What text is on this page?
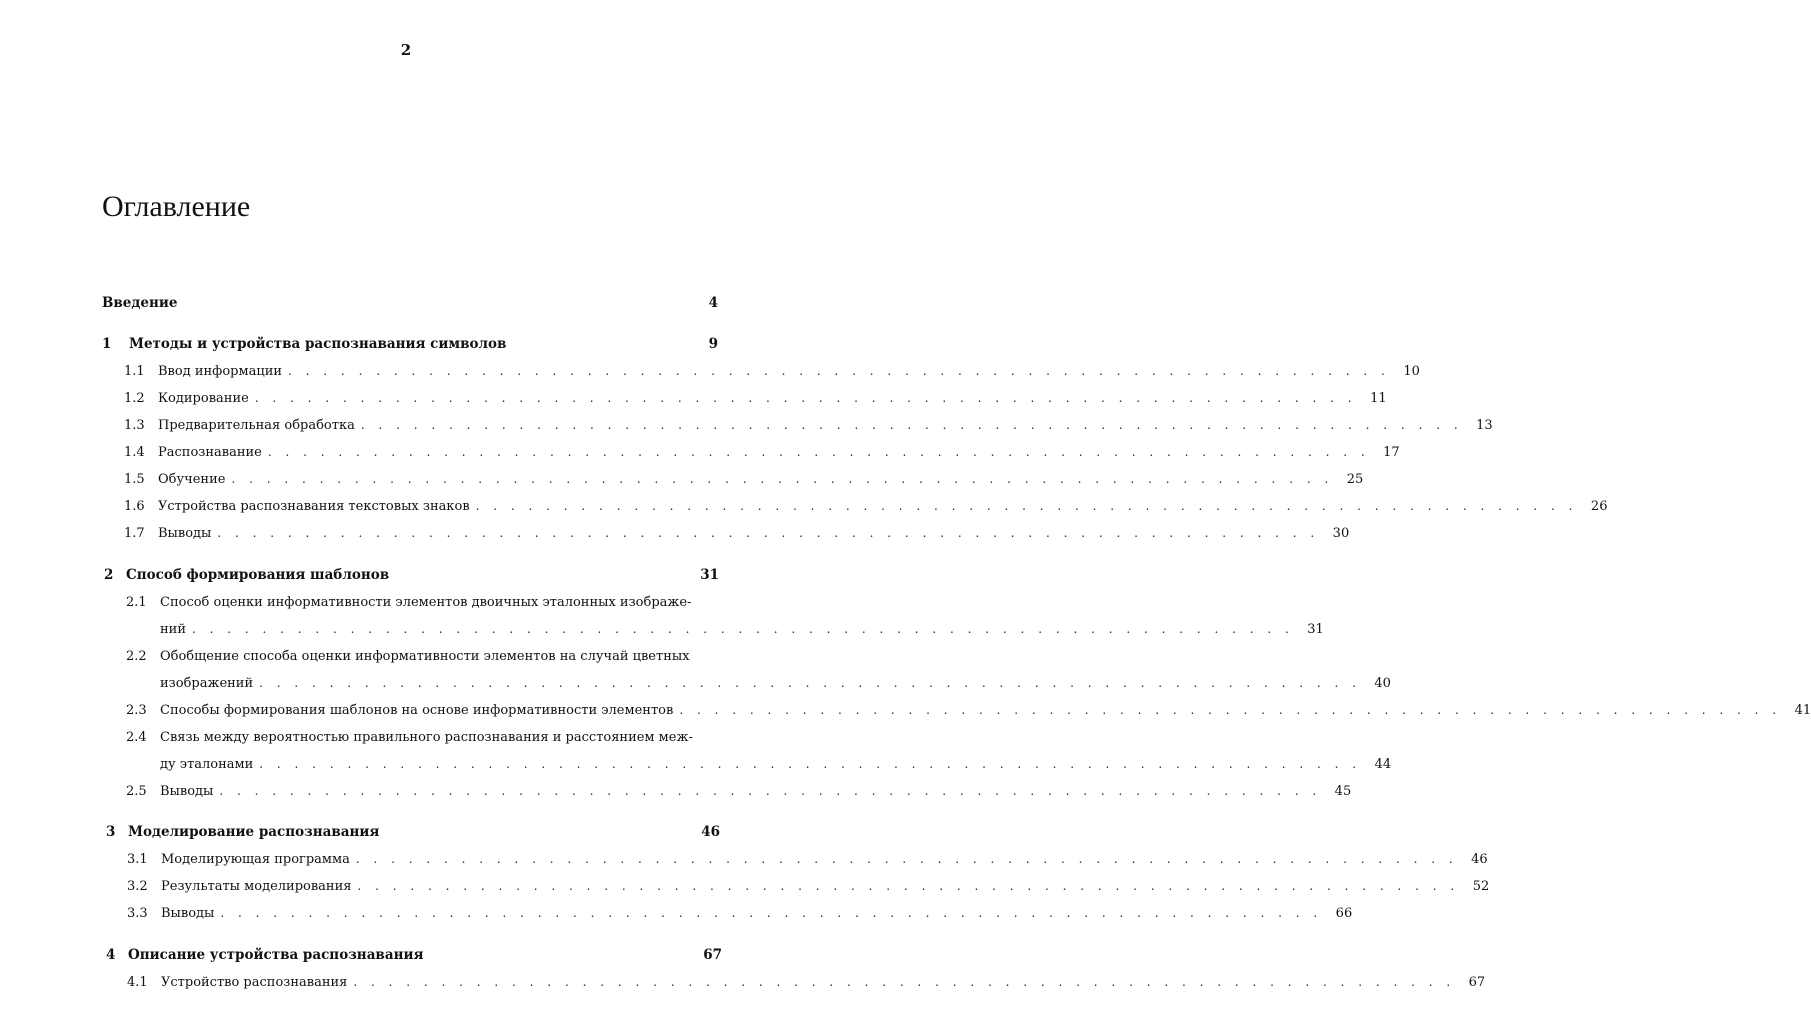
2
Оглавление
Введение	4
1	Методы и устройства распознавания символов	9
1.1	Ввод информации . . . . . . . . . . . . . . . . . . . . . . . . . . . . . . . . . . . . . . . . . . . . . . . . . . . . . . . . . . . . . . .	10
1.2	Кодирование . . . . . . . . . . . . . . . . . . . . . . . . . . . . . . . . . . . . . . . . . . . . . . . . . . . . . . . . . . . . . . .	11
1.3	Предварительная обработка . . . . . . . . . . . . . . . . . . . . . . . . . . . . . . . . . . . . . . . . . . . . . . . . . . . . . . . . . . . . . . .	13
1.4	Распознавание . . . . . . . . . . . . . . . . . . . . . . . . . . . . . . . . . . . . . . . . . . . . . . . . . . . . . . . . . . . . . . .	17
1.5	Обучение . . . . . . . . . . . . . . . . . . . . . . . . . . . . . . . . . . . . . . . . . . . . . . . . . . . . . . . . . . . . . . .	25
1.6	Устройства распознавания текстовых знаков . . . . . . . . . . . . . . . . . . . . . . . . . . . . . . . . . . . . . . . . . . . . . . . . . . . . . . . . . . . . . . .	26
1.7	Выводы . . . . . . . . . . . . . . . . . . . . . . . . . . . . . . . . . . . . . . . . . . . . . . . . . . . . . . . . . . . . . . .	30
2 Способ формирования шаблонов	31
2.1 Способ оценки информативности элементов двоичных эталонных изображе-
ний . . . . . . . . . . . . . . . . . . . . . . . . . . . . . . . . . . . . . . . . . . . . . . . . . . . . . . . . . . . . . . .	31
2.2 Обобщение способа оценки информативности элементов на случай цветных
изображений . . . . . . . . . . . . . . . . . . . . . . . . . . . . . . . . . . . . . . . . . . . . . . . . . . . . . . . . . . . . . . .	40
2.3	Способы формирования шаблонов на основе информативности элементов . . . . . . . . . . . . . . . . . . . . . . . . . . . . . . . . . . . . . . . . . . . . . . . . . . . . . . . . . . . . . . .	41
2.4 Связь между вероятностью правильного распознавания и расстоянием меж-
ду эталонами . . . . . . . . . . . . . . . . . . . . . . . . . . . . . . . . . . . . . . . . . . . . . . . . . . . . . . . . . . . . . . .	44
2.5	Выводы . . . . . . . . . . . . . . . . . . . . . . . . . . . . . . . . . . . . . . . . . . . . . . . . . . . . . . . . . . . . . . .	45
3 Моделирование распознавания	46
3.1	Моделирующая программа . . . . . . . . . . . . . . . . . . . . . . . . . . . . . . . . . . . . . . . . . . . . . . . . . . . . . . . . . . . . . . .	46
3.2	Результаты моделирования . . . . . . . . . . . . . . . . . . . . . . . . . . . . . . . . . . . . . . . . . . . . . . . . . . . . . . . . . . . . . . .	52
3.3	Выводы . . . . . . . . . . . . . . . . . . . . . . . . . . . . . . . . . . . . . . . . . . . . . . . . . . . . . . . . . . . . . . .	66
4 Описание устройства распознавания	67
4.1	Устройство распознавания . . . . . . . . . . . . . . . . . . . . . . . . . . . . . . . . . . . . . . . . . . . . . . . . . . . . . . . . . . . . . . .	67
